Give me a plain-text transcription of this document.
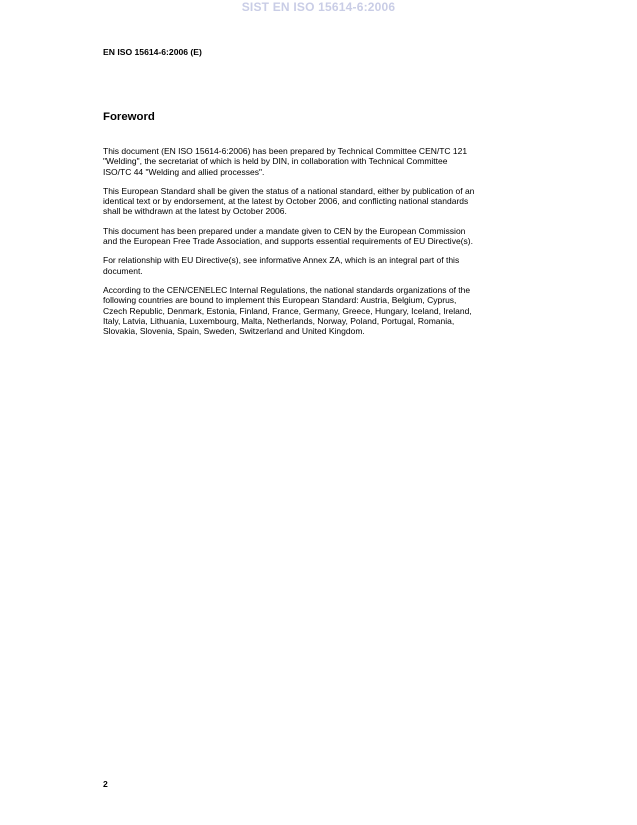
SIST EN ISO 15614-6:2006
EN ISO 15614-6:2006 (E)
Foreword

This document (EN ISO 15614-6:2006) has been prepared by Technical Committee CEN/TC 121
"Welding", the secretariat of which is held by DIN, in collaboration with Technical Committee
ISO/TC 44 "Welding and allied processes".

This European Standard shall be given the status of a national standard, either by publication of an
identical text or by endorsement, at the latest by October 2006, and conflicting national standards
shall be withdrawn at the latest by October 2006.

This document has been prepared under a mandate given to CEN by the European Commission
and the European Free Trade Association, and supports essential requirements of EU Directive(s).

For relationship with EU Directive(s), see informative Annex ZA, which is an integral part of this
document.

According to the CEN/CENELEC Internal Regulations, the national standards organizations of the
following countries are bound to implement this European Standard: Austria, Belgium, Cyprus,
Czech Republic, Denmark, Estonia, Finland, France, Germany, Greece, Hungary, Iceland, Ireland,
Italy, Latvia, Lithuania, Luxembourg, Malta, Netherlands, Norway, Poland, Portugal, Romania,
Slovakia, Slovenia, Spain, Sweden, Switzerland and United Kingdom.

2
